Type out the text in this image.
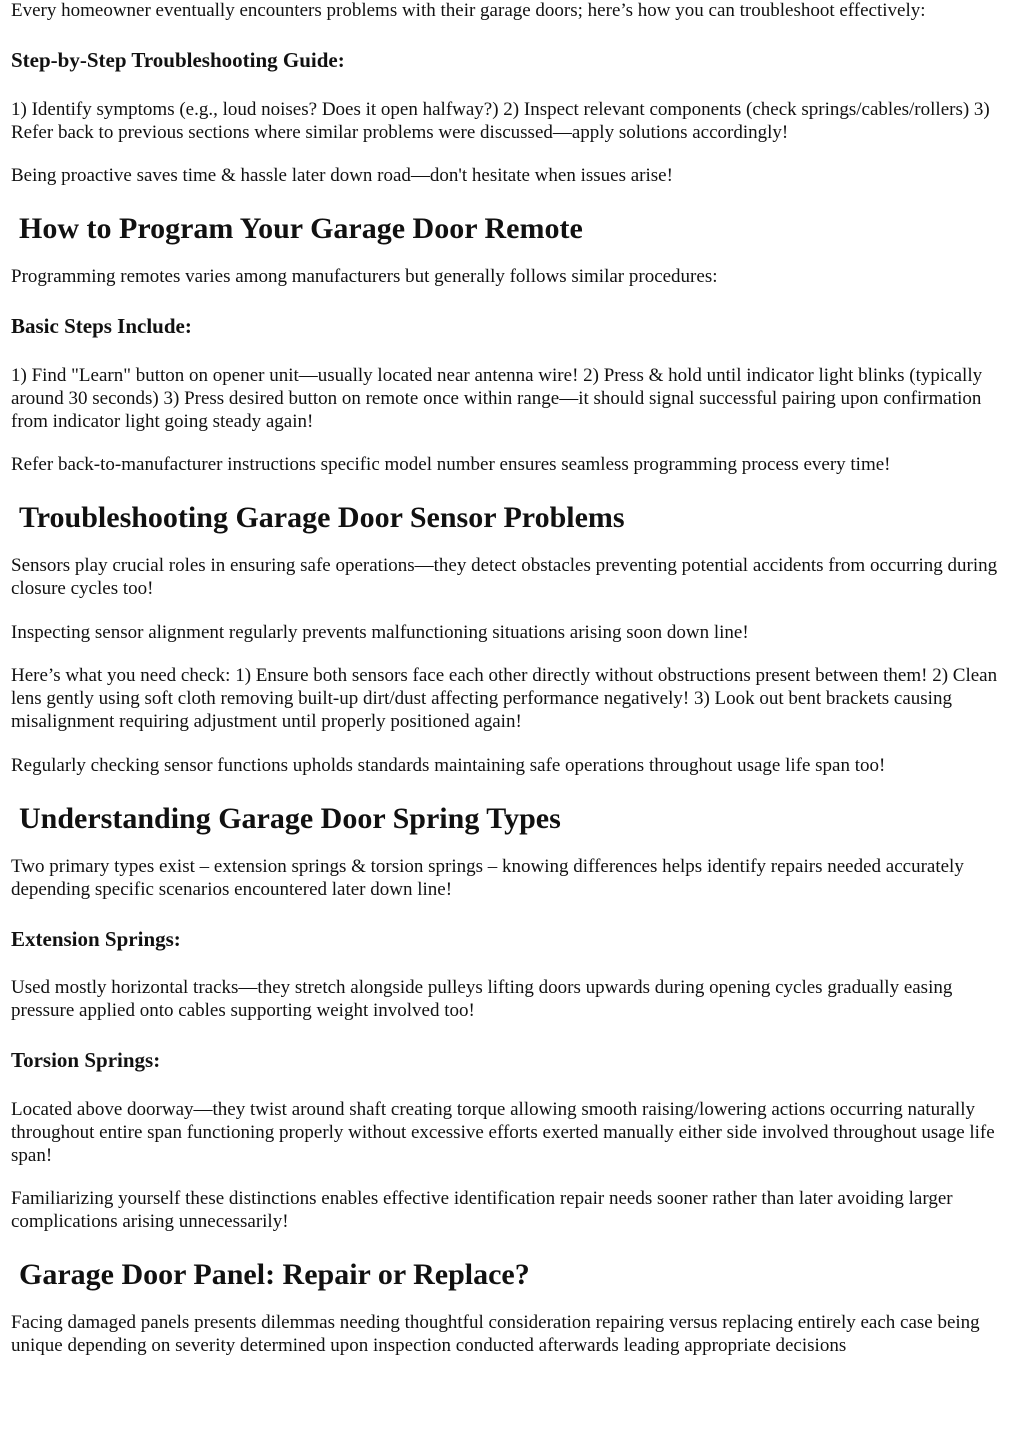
Every homeowner eventually encounters problems with their garage doors; here’s how you can troubleshoot effectively:

Step-by-Step Troubleshooting Guide:

1) Identify symptoms (e.g., loud noises? Does it open halfway?) 2) Inspect relevant components (check springs/cables/rollers) 3) Refer back to previous sections where similar problems were discussed—apply solutions accordingly!

Being proactive saves time & hassle later down road—don't hesitate when issues arise!

How to Program Your Garage Door Remote

Programming remotes varies among manufacturers but generally follows similar procedures:

Basic Steps Include:

1) Find "Learn" button on opener unit—usually located near antenna wire! 2) Press & hold until indicator light blinks (typically around 30 seconds) 3) Press desired button on remote once within range—it should signal successful pairing upon confirmation from indicator light going steady again!

Refer back-to-manufacturer instructions specific model number ensures seamless programming process every time!

Troubleshooting Garage Door Sensor Problems

Sensors play crucial roles in ensuring safe operations—they detect obstacles preventing potential accidents from occurring during closure cycles too!

Inspecting sensor alignment regularly prevents malfunctioning situations arising soon down line!

Here’s what you need check: 1) Ensure both sensors face each other directly without obstructions present between them! 2) Clean lens gently using soft cloth removing built-up dirt/dust affecting performance negatively! 3) Look out bent brackets causing misalignment requiring adjustment until properly positioned again!

Regularly checking sensor functions upholds standards maintaining safe operations throughout usage life span too!

Understanding Garage Door Spring Types

Two primary types exist – extension springs & torsion springs – knowing differences helps identify repairs needed accurately depending specific scenarios encountered later down line!

Extension Springs:

Used mostly horizontal tracks—they stretch alongside pulleys lifting doors upwards during opening cycles gradually easing pressure applied onto cables supporting weight involved too!

Torsion Springs:

Located above doorway—they twist around shaft creating torque allowing smooth raising/lowering actions occurring naturally throughout entire span functioning properly without excessive efforts exerted manually either side involved throughout usage life span!

Familiarizing yourself these distinctions enables effective identification repair needs sooner rather than later avoiding larger complications arising unnecessarily!

Garage Door Panel: Repair or Replace?

Facing damaged panels presents dilemmas needing thoughtful consideration repairing versus replacing entirely each case being unique depending on severity determined upon inspection conducted afterwards leading appropriate decisions
